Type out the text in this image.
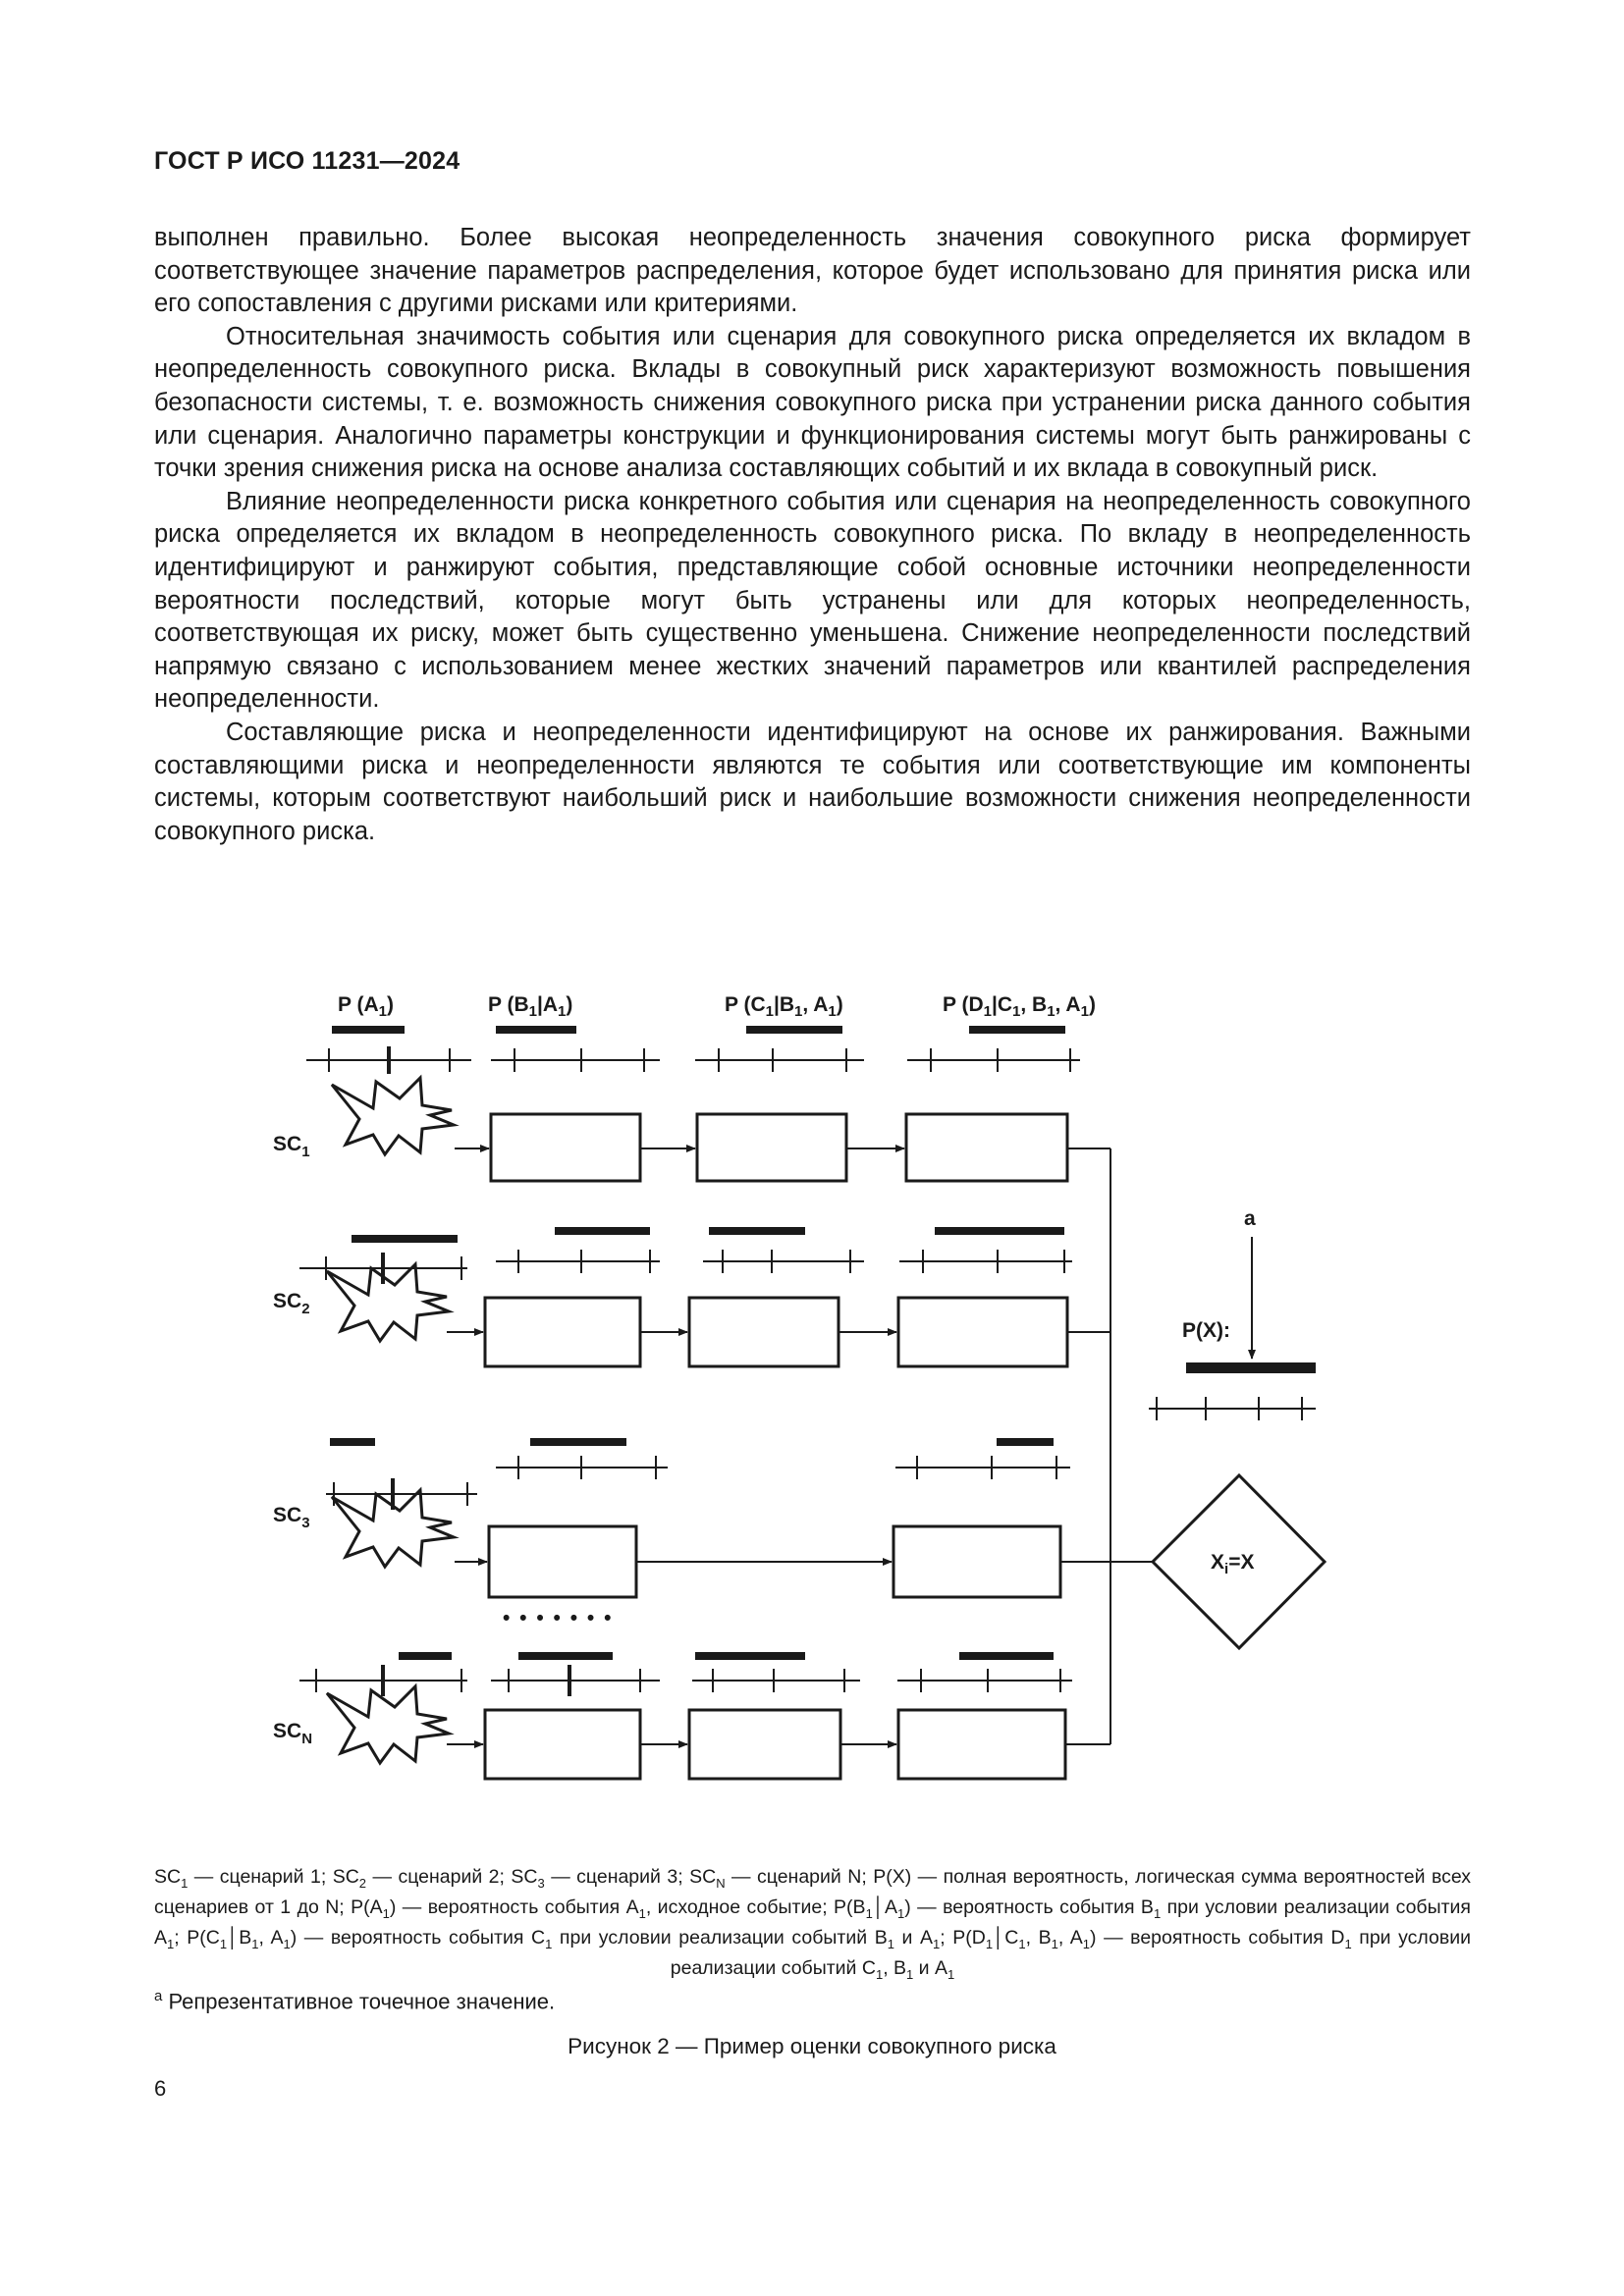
ГОСТ Р ИСО 11231—2024

выполнен правильно. Более высокая неопределенность значения совокупного риска формирует соответствующее значение параметров распределения, которое будет использовано для принятия риска или его сопоставления с другими рисками или критериями.

Относительная значимость события или сценария для совокупного риска определяется их вкладом в неопределенность совокупного риска. Вклады в совокупный риск характеризуют возможность повышения безопасности системы, т. е. возможность снижения совокупного риска при устранении риска данного события или сценария. Аналогично параметры конструкции и функционирования системы могут быть ранжированы с точки зрения снижения риска на основе анализа составляющих событий и их вклада в совокупный риск.

Влияние неопределенности риска конкретного события или сценария на неопределенность совокупного риска определяется их вкладом в неопределенность совокупного риска. По вкладу в неопределенность идентифицируют и ранжируют события, представляющие собой основные источники неопределенности вероятности последствий, которые могут быть устранены или для которых неопределенность, соответствующая их риску, может быть существенно уменьшена. Снижение неопределенности последствий напрямую связано с использованием менее жестких значений параметров или квантилей распределения неопределенности.

Составляющие риска и неопределенности идентифицируют на основе их ранжирования. Важными составляющими риска и неопределенности являются те события или соответствующие им компоненты системы, которым соответствуют наибольший риск и наибольшие возможности снижения неопределенности совокупного риска.

P $(A_1)$	P $(B_1|A_1)$	P ($C_1|B_1$, $A_1$)	P ($D_1|C_1$, $B_1$, $A_1$)
$SC_1$
$SC_2$
$SC_3$
$SC_N$
$X_i=X$
a
P(X):
• • • • • • •
$SC_1$ — сценарий 1; $SC_2$ — сценарий 2; $SC_3$ — сценарий 3; $SC_N$ — сценарий N; P(X) — полная вероятность, логическая сумма вероятностей всех сценариев от 1 до N; $P(A_1)$ — вероятность события $A_1$, исходное событие; $P(B_1│A_1)$ — вероятность события $B_1$ при условии реализации события $A_1$; $P(C_1│B_1$, $A_1$) — вероятность события $C_1$ при условии реализации событий $B_1$ и $A_1$; $P(D_1│C_1$, $B_1$, $A_1$) — вероятность события $D_1$ при условии реализации событий $C_1$, $B_1$ и $A_1$
$^a$ Репрезентативное точечное значение.
Рисунок 2 — Пример оценки совокупного риска
6
